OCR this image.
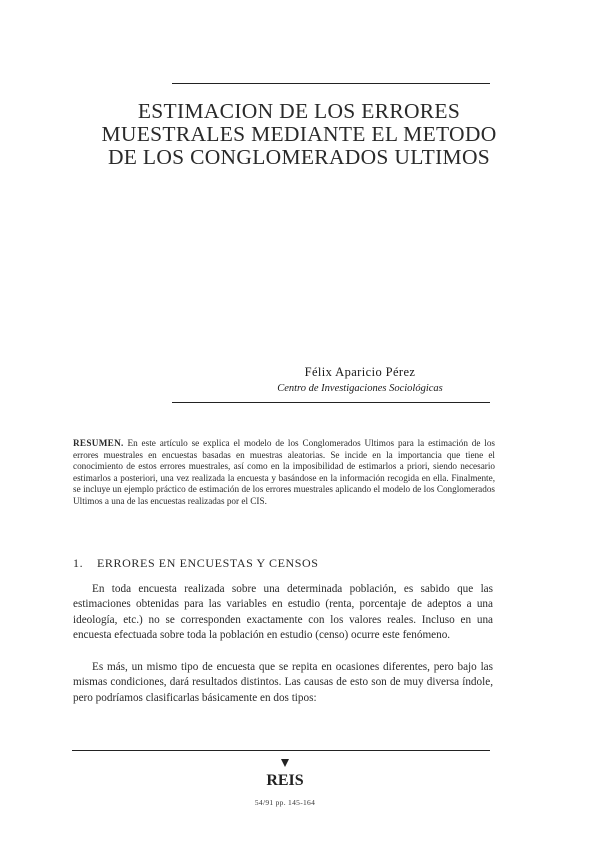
ESTIMACION DE LOS ERRORES
MUESTRALES MEDIANTE EL METODO
DE LOS CONGLOMERADOS ULTIMOS
Félix Aparicio Pérez
Centro de Investigaciones Sociológicas
RESUMEN. En este artículo se explica el modelo de los Conglomerados Ultimos para la estimación de los errores muestrales en encuestas basadas en muestras aleatorias. Se incide en la importancia que tiene el conocimiento de estos errores muestrales, así como en la imposibilidad de estimarlos a priori, siendo necesario estimarlos a posteriori, una vez realizada la encuesta y basándose en la información recogida en ella. Finalmente, se incluye un ejemplo práctico de estimación de los errores muestrales aplicando el modelo de los Conglomerados Ultimos a una de las encuestas realizadas por el CIS.
1. ERRORES EN ENCUESTAS Y CENSOS
En toda encuesta realizada sobre una determinada población, es sabido que las estimaciones obtenidas para las variables en estudio (renta, porcentaje de adeptos a una ideología, etc.) no se corresponden exactamente con los valores reales. Incluso en una encuesta efectuada sobre toda la población en estudio (censo) ocurre este fenómeno.
Es más, un mismo tipo de encuesta que se repita en ocasiones diferentes, pero bajo las mismas condiciones, dará resultados distintos. Las causas de esto son de muy diversa índole, pero podríamos clasificarlas básicamente en dos tipos:
REIS
54/91 pp. 145-164
